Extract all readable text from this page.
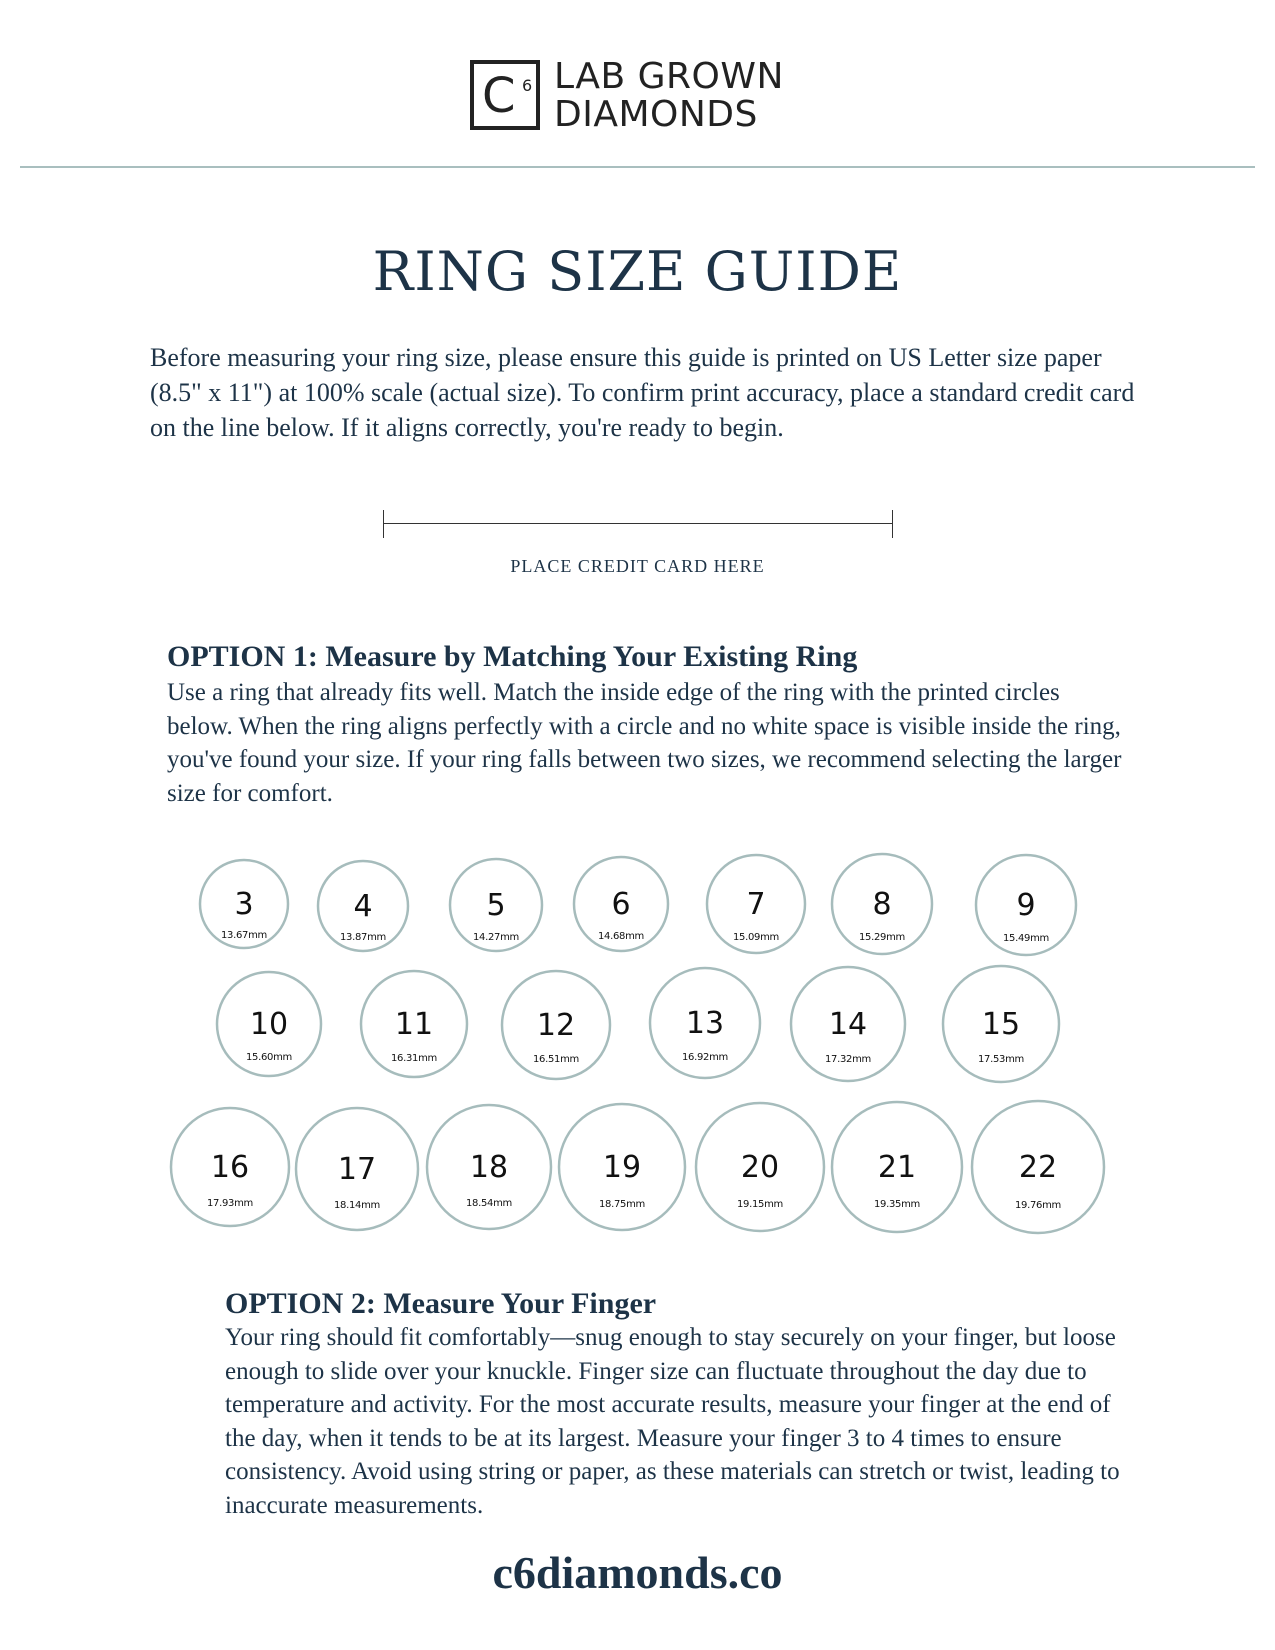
C 6 LAB GROWN
DIAMONDS
RING SIZE GUIDE
Before measuring your ring size, please ensure this guide is printed on US Letter size paper (8.5" x 11") at 100% scale (actual size). To confirm print accuracy, place a standard credit card on the line below. If it aligns correctly, you're ready to begin.
PLACE CREDIT CARD HERE
OPTION 1: Measure by Matching Your Existing Ring
Use a ring that already fits well. Match the inside edge of the ring with the printed circles below. When the ring aligns perfectly with a circle and no white space is visible inside the ring, you've found your size. If your ring falls between two sizes, we recommend selecting the larger size for comfort.
3
13.67mm
4
13.87mm
5
14.27mm
6
14.68mm
7
15.09mm
8
15.29mm
9
15.49mm
10
15.60mm
11
16.31mm
12
16.51mm
13
16.92mm
14
17.32mm
15
17.53mm
16
17.93mm
17
18.14mm
18
18.54mm
19
18.75mm
20
19.15mm
21
19.35mm
22
19.76mm
OPTION 2: Measure Your Finger
Your ring should fit comfortably—snug enough to stay securely on your finger, but loose enough to slide over your knuckle. Finger size can fluctuate throughout the day due to temperature and activity. For the most accurate results, measure your finger at the end of the day, when it tends to be at its largest. Measure your finger 3 to 4 times to ensure consistency. Avoid using string or paper, as these materials can stretch or twist, leading to inaccurate measurements.
c6diamonds.co
